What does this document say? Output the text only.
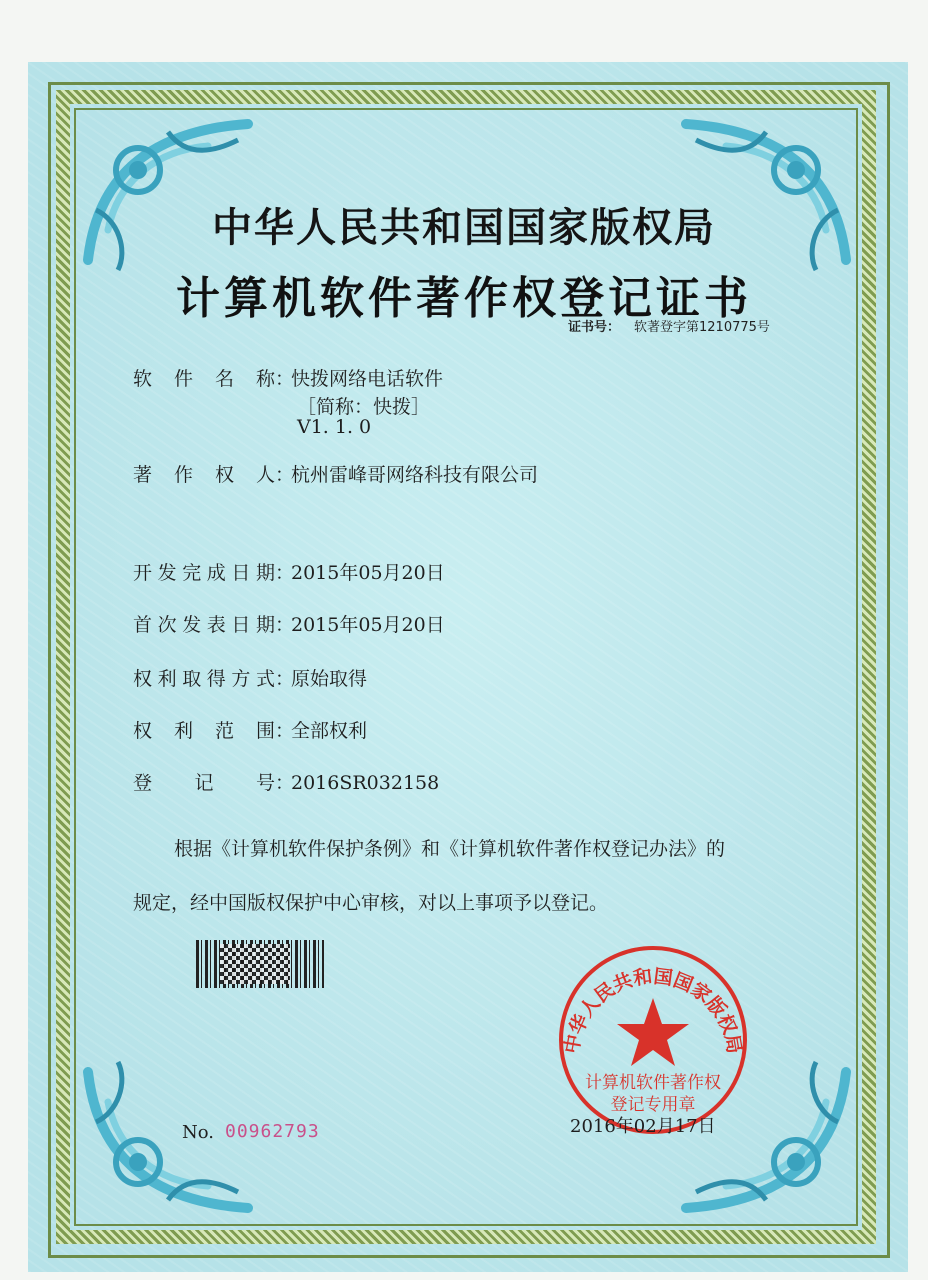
中华人民共和国国家版权局
计算机软件著作权登记证书
证书号： 软著登字第1210775号
软 件 名 称：快拨网络电话软件
［简称：快拨］
V1. 1. 0
著 作 权 人：杭州雷峰哥网络科技有限公司
开发完成日期：2015年05月20日
首次发表日期：2015年05月20日
权利取得方式：原始取得
权 利 范 围：全部权利
登 记 号：2016SR032158
根据《计算机软件保护条例》和《计算机软件著作权登记办法》的
规定，经中国版权保护中心审核，对以上事项予以登记。
中华人民共和国国家版权局
计算机软件著作权
登记专用章
No. 00962793	2016年02月17日
